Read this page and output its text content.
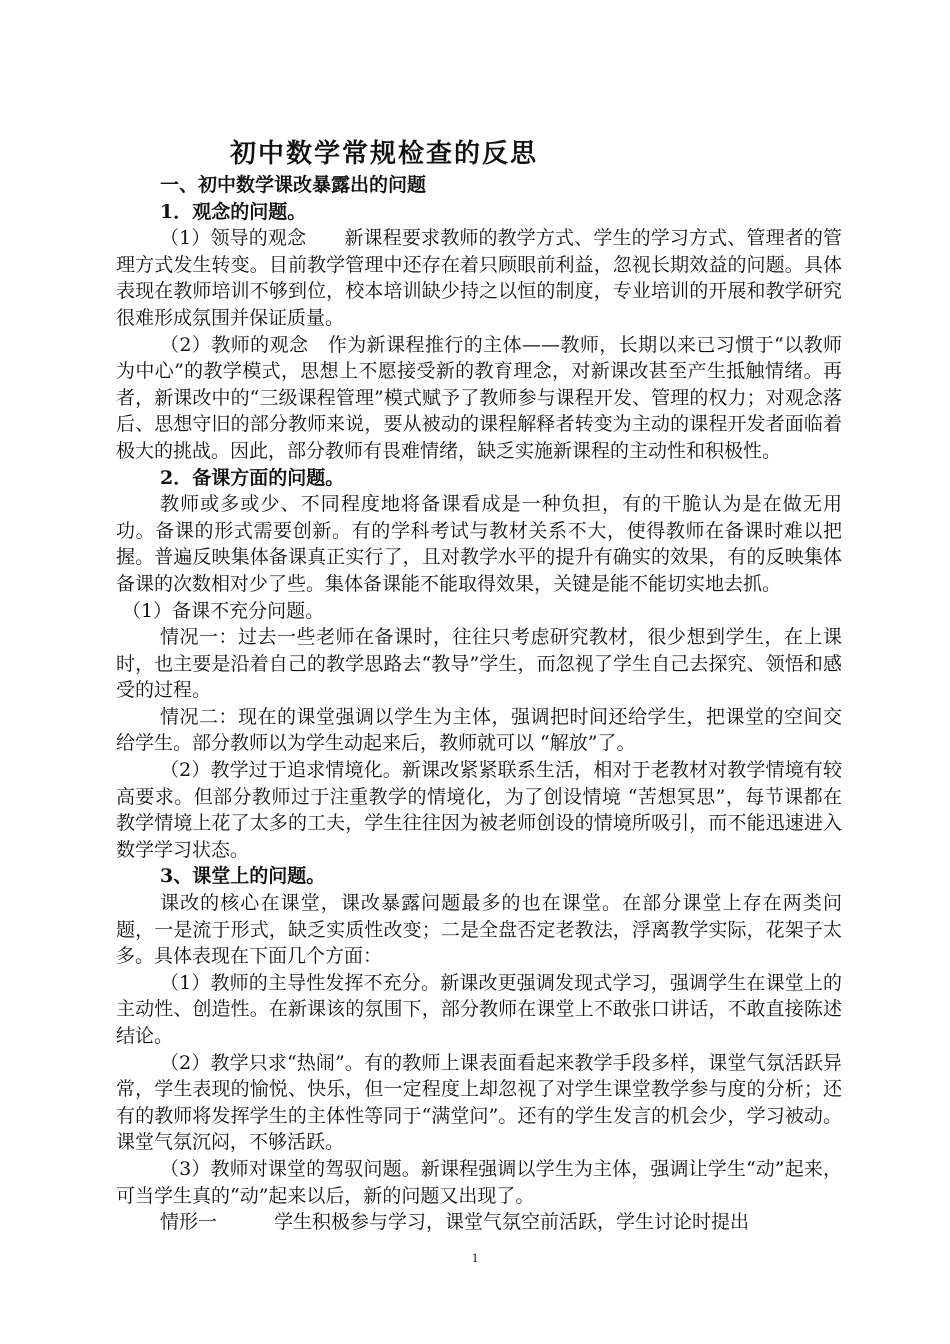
初中数学常规检查的反思

一、初中数学课改暴露出的问题

1．观念的问题。

（1）领导的观念　　新课程要求教师的教学方式、学生的学习方式、管理者的管理方式发生转变。目前教学管理中还存在着只顾眼前利益，忽视长期效益的问题。具体表现在教师培训不够到位，校本培训缺少持之以恒的制度，专业培训的开展和教学研究很难形成氛围并保证质量。

（2）教师的观念　作为新课程推行的主体——教师，长期以来已习惯于“以教师为中心”的教学模式，思想上不愿接受新的教育理念，对新课改甚至产生抵触情绪。再者，新课改中的“三级课程管理”模式赋予了教师参与课程开发、管理的权力；对观念落后、思想守旧的部分教师来说，要从被动的课程解释者转变为主动的课程开发者面临着极大的挑战。因此，部分教师有畏难情绪，缺乏实施新课程的主动性和积极性。

2．备课方面的问题。

教师或多或少、不同程度地将备课看成是一种负担，有的干脆认为是在做无用功。备课的形式需要创新。有的学科考试与教材关系不大，使得教师在备课时难以把握。普遍反映集体备课真正实行了，且对教学水平的提升有确实的效果，有的反映集体备课的次数相对少了些。集体备课能不能取得效果，关键是能不能切实地去抓。

（1）备课不充分问题。

情况一：过去一些老师在备课时，往往只考虑研究教材，很少想到学生，在上课时，也主要是沿着自己的教学思路去“教导”学生，而忽视了学生自己去探究、领悟和感受的过程。

情况二：现在的课堂强调以学生为主体，强调把时间还给学生，把课堂的空间交给学生。部分教师以为学生动起来后，教师就可以 “解放”了。

（2）教学过于追求情境化。新课改紧紧联系生活，相对于老教材对教学情境有较高要求。但部分教师过于注重教学的情境化，为了创设情境 “苦想冥思”，每节课都在教学情境上花了太多的工夫，学生往往因为被老师创设的情境所吸引，而不能迅速进入数学学习状态。

3、课堂上的问题。

课改的核心在课堂，课改暴露问题最多的也在课堂。在部分课堂上存在两类问题，一是流于形式，缺乏实质性改变；二是全盘否定老教法，浮离教学实际，花架子太多。具体表现在下面几个方面：

（1）教师的主导性发挥不充分。新课改更强调发现式学习，强调学生在课堂上的主动性、创造性。在新课该的氛围下，部分教师在课堂上不敢张口讲话，不敢直接陈述结论。

（2）教学只求“热闹”。有的教师上课表面看起来教学手段多样，课堂气氛活跃异常，学生表现的愉悦、快乐，但一定程度上却忽视了对学生课堂教学参与度的分析；还有的教师将发挥学生的主体性等同于“满堂问”。还有的学生发言的机会少，学习被动。课堂气氛沉闷，不够活跃。

（3）教师对课堂的驾驭问题。新课程强调以学生为主体，强调让学生“动”起来，可当学生真的“动”起来以后，新的问题又出现了。

情形一　　　学生积极参与学习，课堂气氛空前活跃，学生讨论时提出

1
